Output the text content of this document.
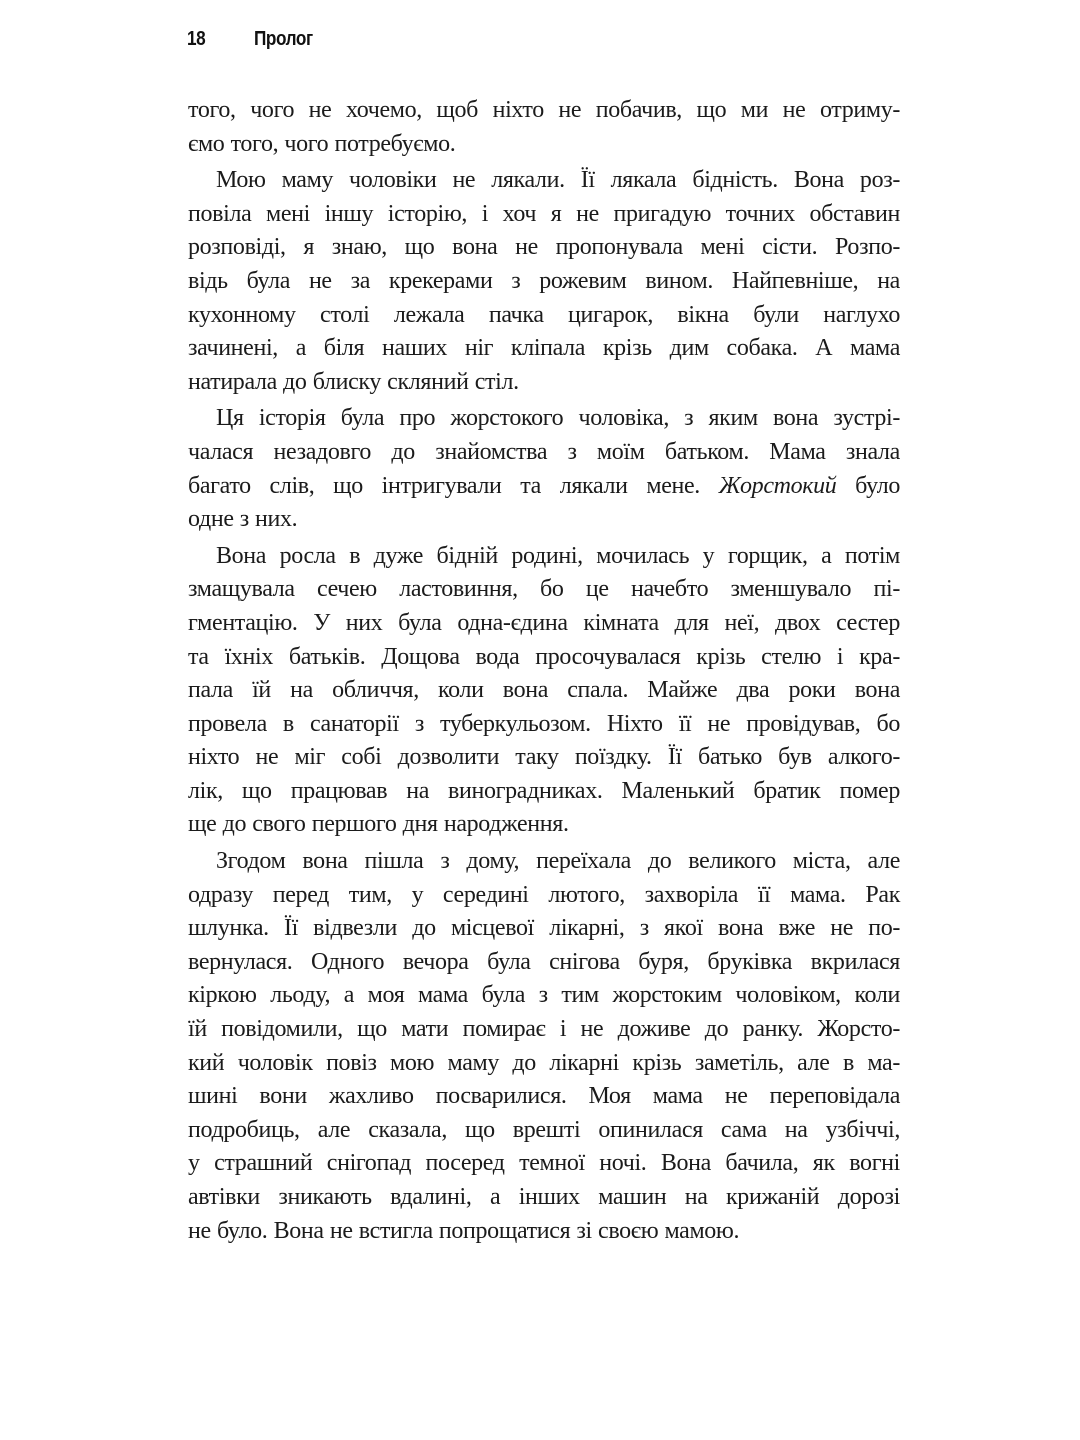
18 Пролог
того, чого не хочемо, щоб ніхто не побачив, що ми не отриму-
ємо того, чого потребуємо.
Мою маму чоловіки не лякали. Її лякала бідність. Вона роз-
повіла мені іншу історію, і хоч я не пригадую точних обставин
розповіді, я знаю, що вона не пропонувала мені сісти. Розпо-
відь була не за крекерами з рожевим вином. Найпевніше, на
кухонному столі лежала пачка цигарок, вікна були наглухо
зачинені, а біля наших ніг кліпала крізь дим собака. А мама
натирала до блиску скляний стіл.
Ця історія була про жорстокого чоловіка, з яким вона зустрі-
чалася незадовго до знайомства з моїм батьком. Мама знала
багато слів, що інтригували та лякали мене. Жорстокий було
одне з них.
Вона росла в дуже бідній родині, мочилась у горщик, а потім
змащувала сечею ластовиння, бо це начебто зменшувало пі-
гментацію. У них була одна-єдина кімната для неї, двох сестер
та їхніх батьків. Дощова вода просочувалася крізь стелю і кра-
пала їй на обличчя, коли вона спала. Майже два роки вона
провела в санаторії з туберкульозом. Ніхто її не провідував, бо
ніхто не міг собі дозволити таку поїздку. Її батько був алкого-
лік, що працював на виноградниках. Маленький братик помер
ще до свого першого дня народження.
Згодом вона пішла з дому, переїхала до великого міста, але
одразу перед тим, у середині лютого, захворіла її мама. Рак
шлунка. Її відвезли до місцевої лікарні, з якої вона вже не по-
вернулася. Одного вечора була снігова буря, бруківка вкрилася
кіркою льоду, а моя мама була з тим жорстоким чоловіком, коли
їй повідомили, що мати помирає і не доживе до ранку. Жорсто-
кий чоловік повіз мою маму до лікарні крізь заметіль, але в ма-
шині вони жахливо посварилися. Моя мама не переповідала
подробиць, але сказала, що врешті опинилася сама на узбіччі,
у страшний снігопад посеред темної ночі. Вона бачила, як вогні
автівки зникають вдалині, а інших машин на крижаній дорозі
не було. Вона не встигла попрощатися зі своєю мамою.
